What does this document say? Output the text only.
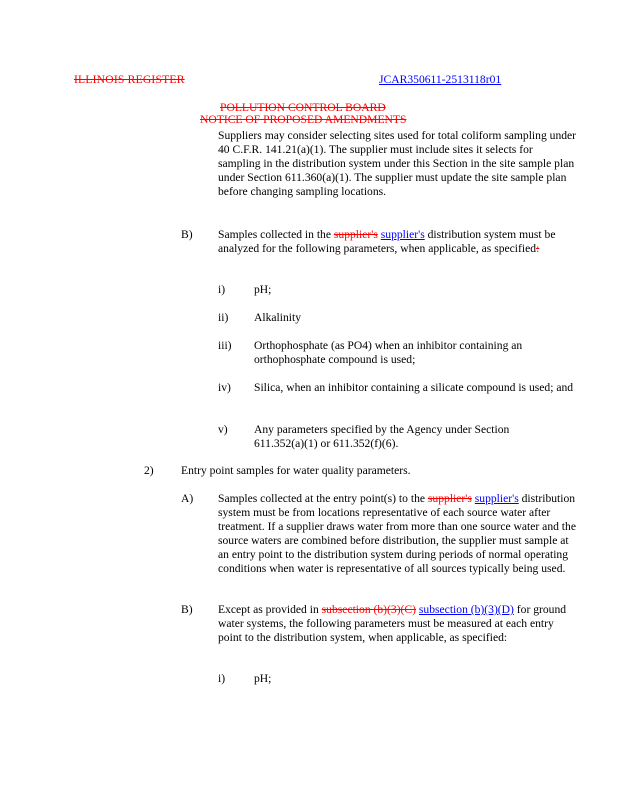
ILLINOIS REGISTER	JCAR350611-2513118r01
POLLUTION CONTROL BOARD
NOTICE OF PROPOSED AMENDMENTS

Suppliers may consider selecting sites used for total coliform sampling under 40 C.F.R. 141.21(a)(1). The supplier must include sites it selects for sampling in the distribution system under this Section in the site sample plan under Section 611.360(a)(1). The supplier must update the site sample plan before changing sampling locations.

B) Samples collected in the supplier's supplier's distribution system must be analyzed for the following parameters, when applicable, as specified:

i) pH;

ii) Alkalinity

iii) Orthophosphate (as PO4) when an inhibitor containing an orthophosphate compound is used;

iv) Silica, when an inhibitor containing a silicate compound is used; and

v) Any parameters specified by the Agency under Section 611.352(a)(1) or 611.352(f)(6).

2) Entry point samples for water quality parameters.

A) Samples collected at the entry point(s) to the supplier's supplier's distribution system must be from locations representative of each source water after treatment. If a supplier draws water from more than one source water and the source waters are combined before distribution, the supplier must sample at an entry point to the distribution system during periods of normal operating conditions when water is representative of all sources typically being used.

B) Except as provided in subsection (b)(3)(C) subsection (b)(3)(D) for ground water systems, the following parameters must be measured at each entry point to the distribution system, when applicable, as specified:

i) pH;
